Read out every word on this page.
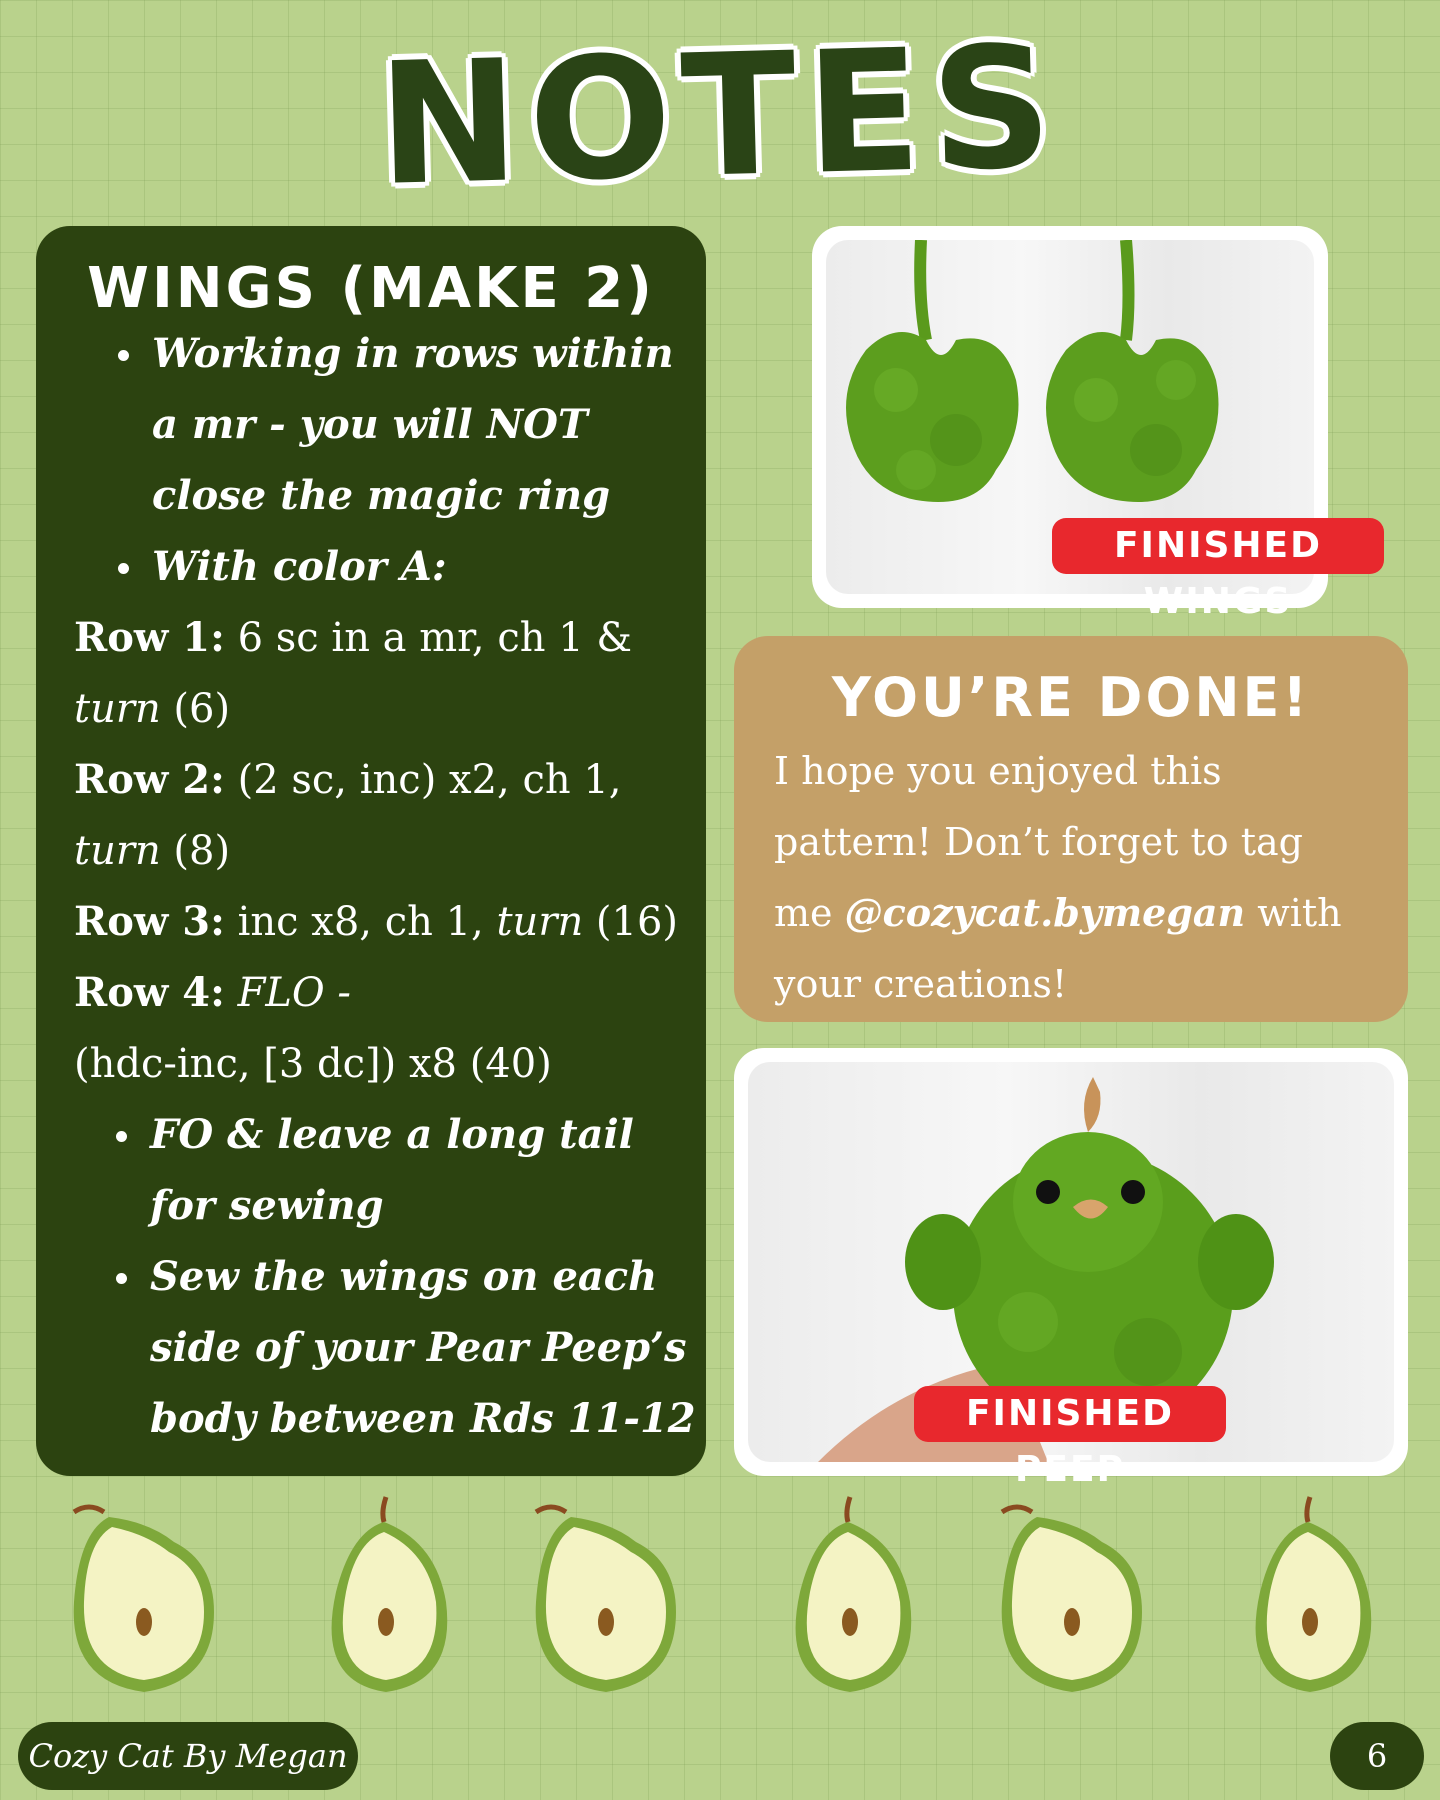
NOTES
WINGS (MAKE 2)
Working in rows within
a mr - you will NOT
close the magic ring
With color A:
Row 1: 6 sc in a mr, ch 1 &
turn (6)
Row 2: (2 sc, inc) x2, ch 1,
turn (8)
Row 3: inc x8, ch 1, turn (16)
Row 4: FLO -
(hdc-inc, [3 dc]) x8 (40)
FO & leave a long tail
for sewing
Sew the wings on each
side of your Pear Peep’s
body between Rds 11-12
FINISHED WINGS
YOU’RE DONE!
I hope you enjoyed this
pattern! Don’t forget to tag
me @cozycat.bymegan with
your creations!
FINISHED PEEP
Cozy Cat By Megan	6
